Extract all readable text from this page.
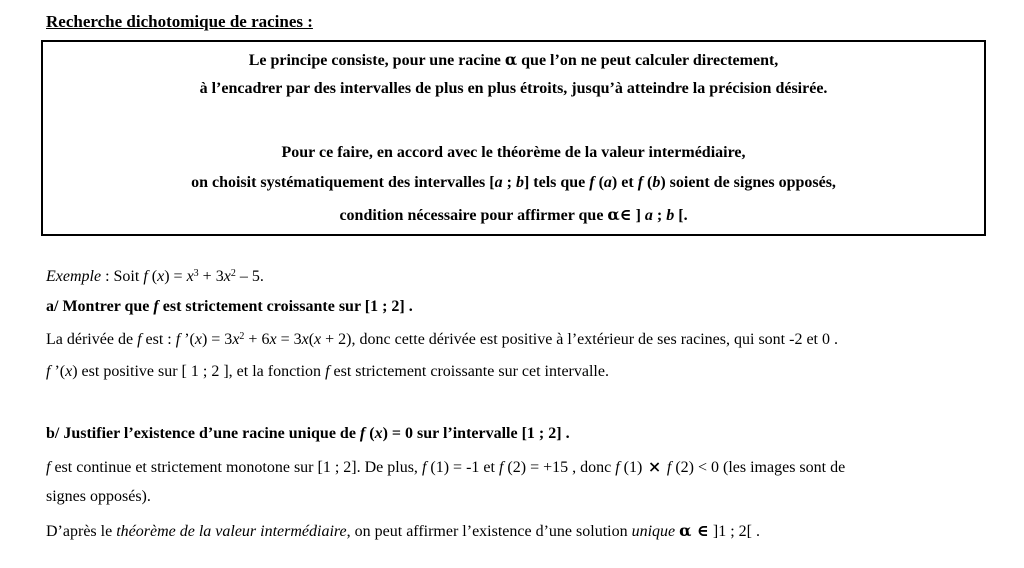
Recherche dichotomique de racines :
Le principe consiste, pour une racine α que l’on ne peut calculer directement,
à l’encadrer par des intervalles de plus en plus étroits, jusqu’à atteindre la précision désirée.
Pour ce faire, en accord avec le théorème de la valeur intermédiaire,
on choisit systématiquement des intervalles [a ; b] tels que f (a) et f (b) soient de signes opposés,
condition nécessaire pour affirmer que α∈ ] a ; b [.
Exemple : Soit f $(x) = x^3 + 3x^2 - 5$.
a/ Montrer que f est strictement croissante sur [1 ; 2] .
La dérivée de f est : f ’(x) = $3x^2 + 6x = 3x(x + 2)$, donc cette dérivée est positive à l’extérieur de ses racines, qui sont -2 et 0 .
f ’(x) est positive sur [ 1 ; 2 ], et la fonction f est strictement croissante sur cet intervalle.
b/ Justifier l’existence d’une racine unique de f (x) = 0 sur l’intervalle [1 ; 2] .
f est continue et strictement monotone sur [1 ; 2]. De plus, f (1) = -1 et f (2) = +15 , donc f (1) × f (2) < 0 (les images sont de
signes opposés).
D’après le théorème de la valeur intermédiaire, on peut affirmer l’existence d’une solution unique α ∈ ]1 ; 2[ .
